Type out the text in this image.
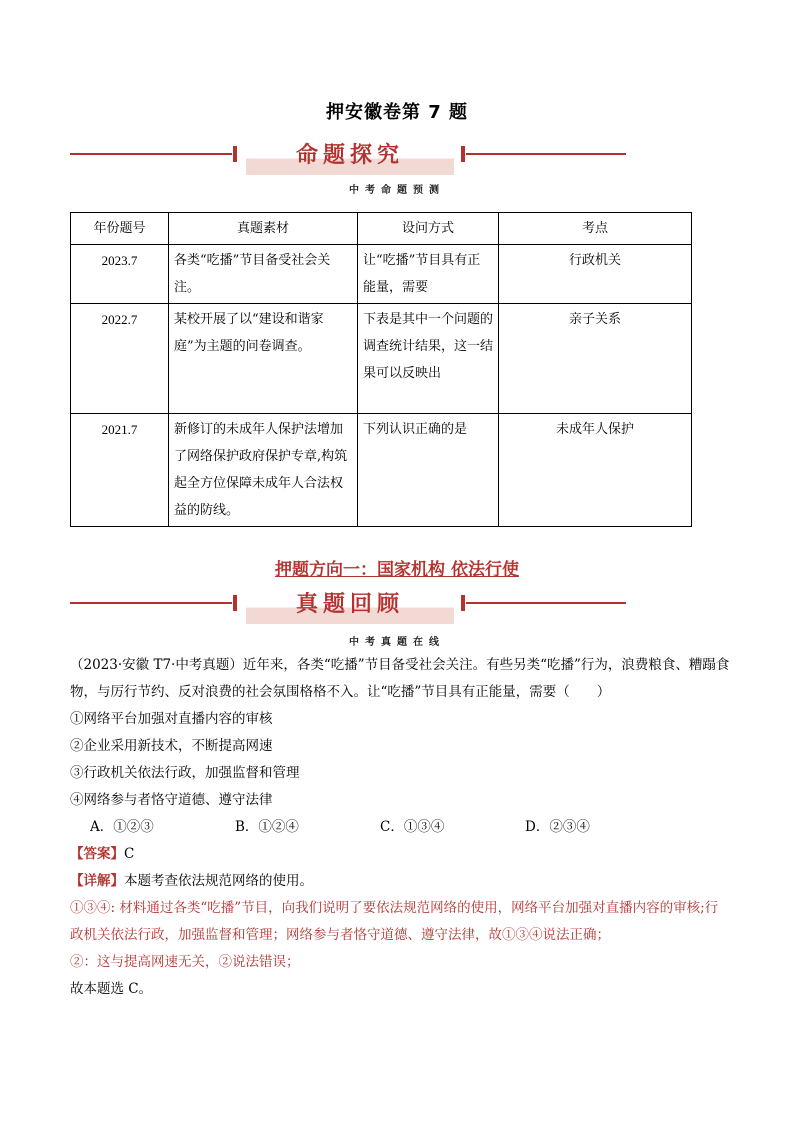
押安徽卷第 7 题
命题探究
中考命题预测
年份题号	真题素材	设问方式	考点
2023.7	各类“吃播”节目备受社会关注。	让“吃播”节目具有正能量，需要	行政机关
2022.7	某校开展了以“建设和谐家庭”为主题的问卷调查。	下表是其中一个问题的调查统计结果，这一结果可以反映出	亲子关系
2021.7	新修订的未成年人保护法增加了网络保护政府保护专章,构筑起全方位保障未成年人合法权益的防线。	下列认识正确的是	未成年人保护
押题方向一：国家机构 依法行使
真题回顾
中考真题在线

（2023·安徽 T7·中考真题）近年来，各类“吃播”节目备受社会关注。有些另类“吃播”行为，浪费粮食、糟蹋食物，与厉行节约、反对浪费的社会氛围格格不入。让“吃播”节目具有正能量，需要（　　）

①网络平台加强对直播内容的审核

②企业采用新技术，不断提高网速

③行政机关依法行政，加强监督和管理

④网络参与者恪守道德、遵守法律

A．①②③	B．①②④	C．①③④	D．②③④

【答案】C

【详解】本题考查依法规范网络的使用。

①③④: 材料通过各类“吃播”节目，向我们说明了要依法规范网络的使用，网络平台加强对直播内容的审核;行政机关依法行政，加强监督和管理；网络参与者恪守道德、遵守法律，故①③④说法正确；

②：这与提高网速无关，②说法错误；

故本题选 C。
